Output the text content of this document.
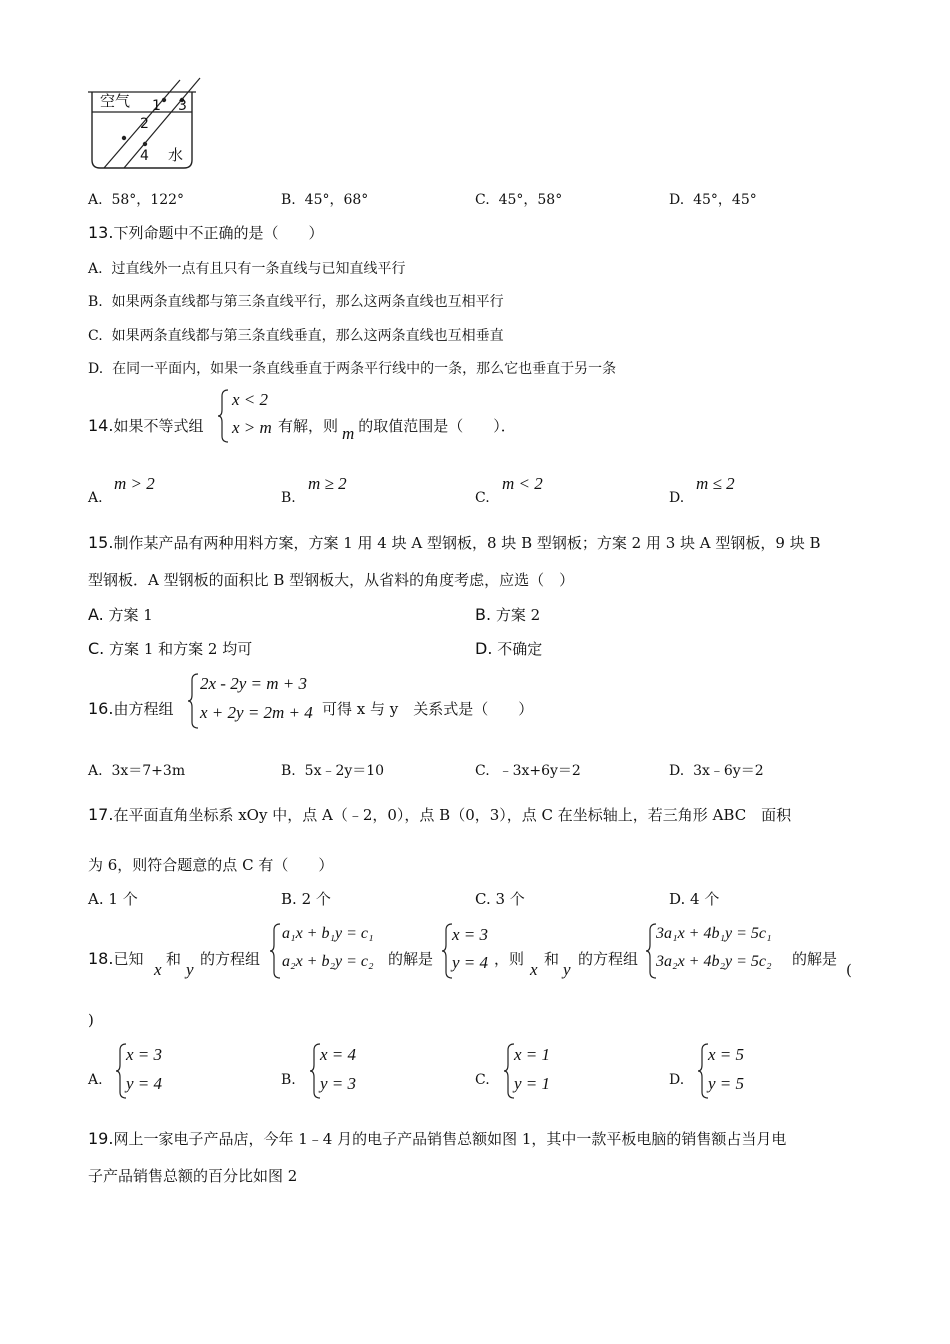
空气
水
1
2
3
4
A. 58°，122°	B. 45°，68°	C. 45°，58°	D. 45°，45°
13.下列命题中不正确的是（　　）
A. 过直线外一点有且只有一条直线与已知直线平行
B. 如果两条直线都与第三条直线平行，那么这两条直线也互相平行
C. 如果两条直线都与第三条直线垂直，那么这两条直线也互相垂直
D. 在同一平面内，如果一条直线垂直于两条平行线中的一条，那么它也垂直于另一条
14.如果不等式组
x < 2
x > m 有解，则 m 的取值范围是（　　）．
A.
m > 2
B.
m ≥ 2
C.
m < 2
D.
m ≤ 2
15.制作某产品有两种用料方案，方案 1 用 4 块 A 型钢板，8 块 B 型钢板；方案 2 用 3 块 A 型钢板，9 块 B
型钢板．A 型钢板的面积比 B 型钢板大，从省料的角度考虑，应选（　）
A. 方案 1	B. 方案 2
C. 方案 1 和方案 2 均可	D. 不确定
16.由方程组
2x - 2y = m + 3
x + 2y = 2m + 4 可得 x 与 y　关系式是（　　）
A. 3x＝7+3m	B. 5x﹣2y＝10	C. ﹣3x+6y＝2	D. 3x﹣6y＝2
17.在平面直角坐标系 xOy 中，点 A（﹣2，0），点 B（0，3），点 C 在坐标轴上，若三角形 ABC　面积
为 6，则符合题意的点 C 有（　　）
A. 1 个	B. 2 个	C. 3 个	D. 4 个
18.已知
x
和
y
的方程组
a₁x + b₁y = c₁
a₂x + b₂y = c₂ 的解是
x = 3
y = 4 ，则
x
和
y
的方程组
3a₁x + 4b₁y = 5c₁
3a₂x + 4b₂y = 5c₂ 的解是
(
)
A.
x = 3
y = 4	B.
x = 4
y = 3	C.
x = 1
y = 1	D.
x = 5
y = 5
19.网上一家电子产品店，今年 1﹣4 月的电子产品销售总额如图 1，其中一款平板电脑的销售额占当月电
子产品销售总额的百分比如图 2
